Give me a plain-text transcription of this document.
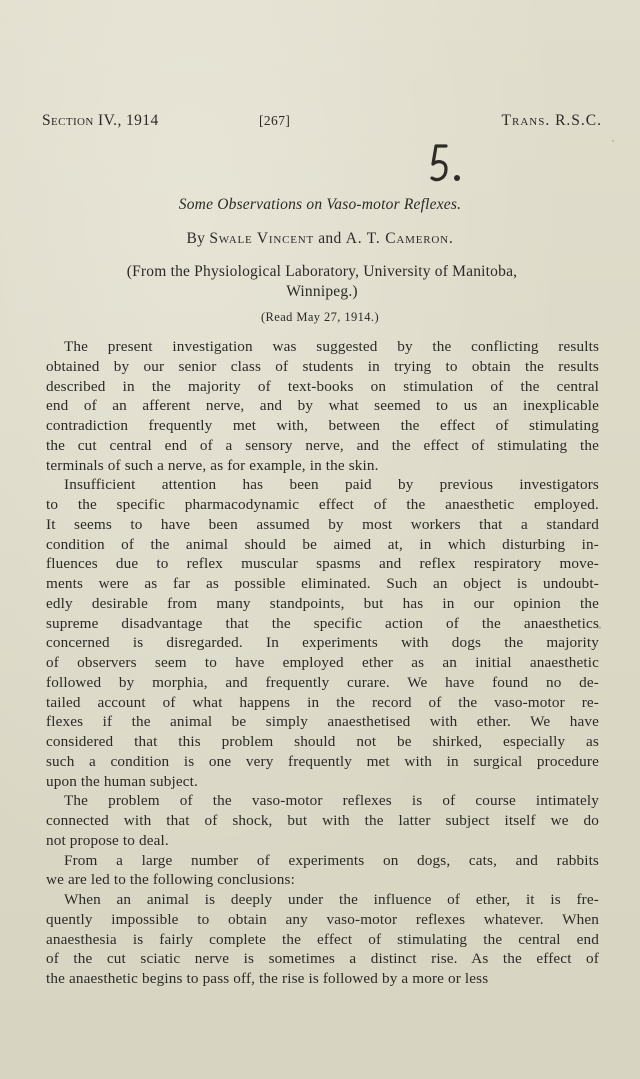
Section IV., 1914	[267]	Trans. R.S.C.
Some Observations on Vaso-motor Reflexes.
By Swale Vincent and A. T. Cameron.
(From the Physiological Laboratory, University of Manitoba,
Winnipeg.)
(Read May 27, 1914.)
The present investigation was suggested by the conflicting results
obtained by our senior class of students in trying to obtain the results
described in the majority of text-books on stimulation of the central
end of an afferent nerve, and by what seemed to us an inexplicable
contradiction frequently met with, between the effect of stimulating
the cut central end of a sensory nerve, and the effect of stimulating the
terminals of such a nerve, as for example, in the skin.
Insufficient attention has been paid by previous investigators
to the specific pharmacodynamic effect of the anaesthetic employed.
It seems to have been assumed by most workers that a standard
condition of the animal should be aimed at, in which disturbing in-
fluences due to reflex muscular spasms and reflex respiratory move-
ments were as far as possible eliminated. Such an object is undoubt-
edly desirable from many standpoints, but has in our opinion the
supreme disadvantage that the specific action of the anaesthetics
concerned is disregarded. In experiments with dogs the majority
of observers seem to have employed ether as an initial anaesthetic
followed by morphia, and frequently curare. We have found no de-
tailed account of what happens in the record of the vaso-motor re-
flexes if the animal be simply anaesthetised with ether. We have
considered that this problem should not be shirked, especially as
such a condition is one very frequently met with in surgical procedure
upon the human subject.
The problem of the vaso-motor reflexes is of course intimately
connected with that of shock, but with the latter subject itself we do
not propose to deal.
From a large number of experiments on dogs, cats, and rabbits
we are led to the following conclusions:
When an animal is deeply under the influence of ether, it is fre-
quently impossible to obtain any vaso-motor reflexes whatever. When
anaesthesia is fairly complete the effect of stimulating the central end
of the cut sciatic nerve is sometimes a distinct rise. As the effect of
the anaesthetic begins to pass off, the rise is followed by a more or less
